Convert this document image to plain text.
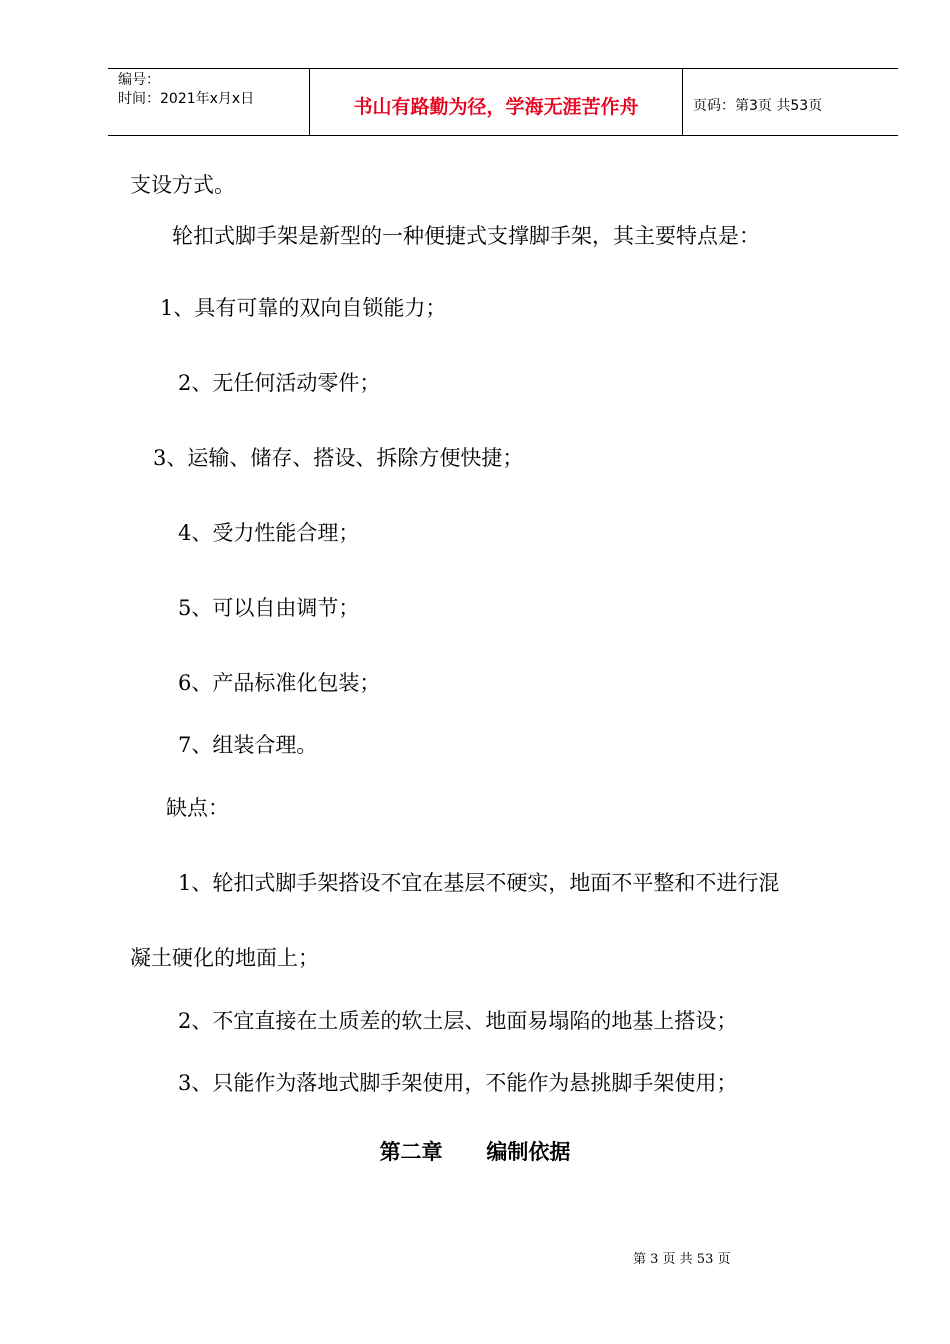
编号：
时间：2021年x月x日	书山有路勤为径，学海无涯苦作舟	页码：第3页 共53页
支设方式。
轮扣式脚手架是新型的一种便捷式支撑脚手架，其主要特点是：
1、具有可靠的双向自锁能力；
2、无任何活动零件；
3、运输、储存、搭设、拆除方便快捷；
4、受力性能合理；
5、可以自由调节；
6、产品标准化包装；
7、组装合理。
缺点：
1、轮扣式脚手架搭设不宜在基层不硬实，地面不平整和不进行混
凝土硬化的地面上；
2、不宜直接在土质差的软土层、地面易塌陷的地基上搭设；
3、只能作为落地式脚手架使用，不能作为悬挑脚手架使用；
第二章      编制依据
第 3 页 共 53 页
